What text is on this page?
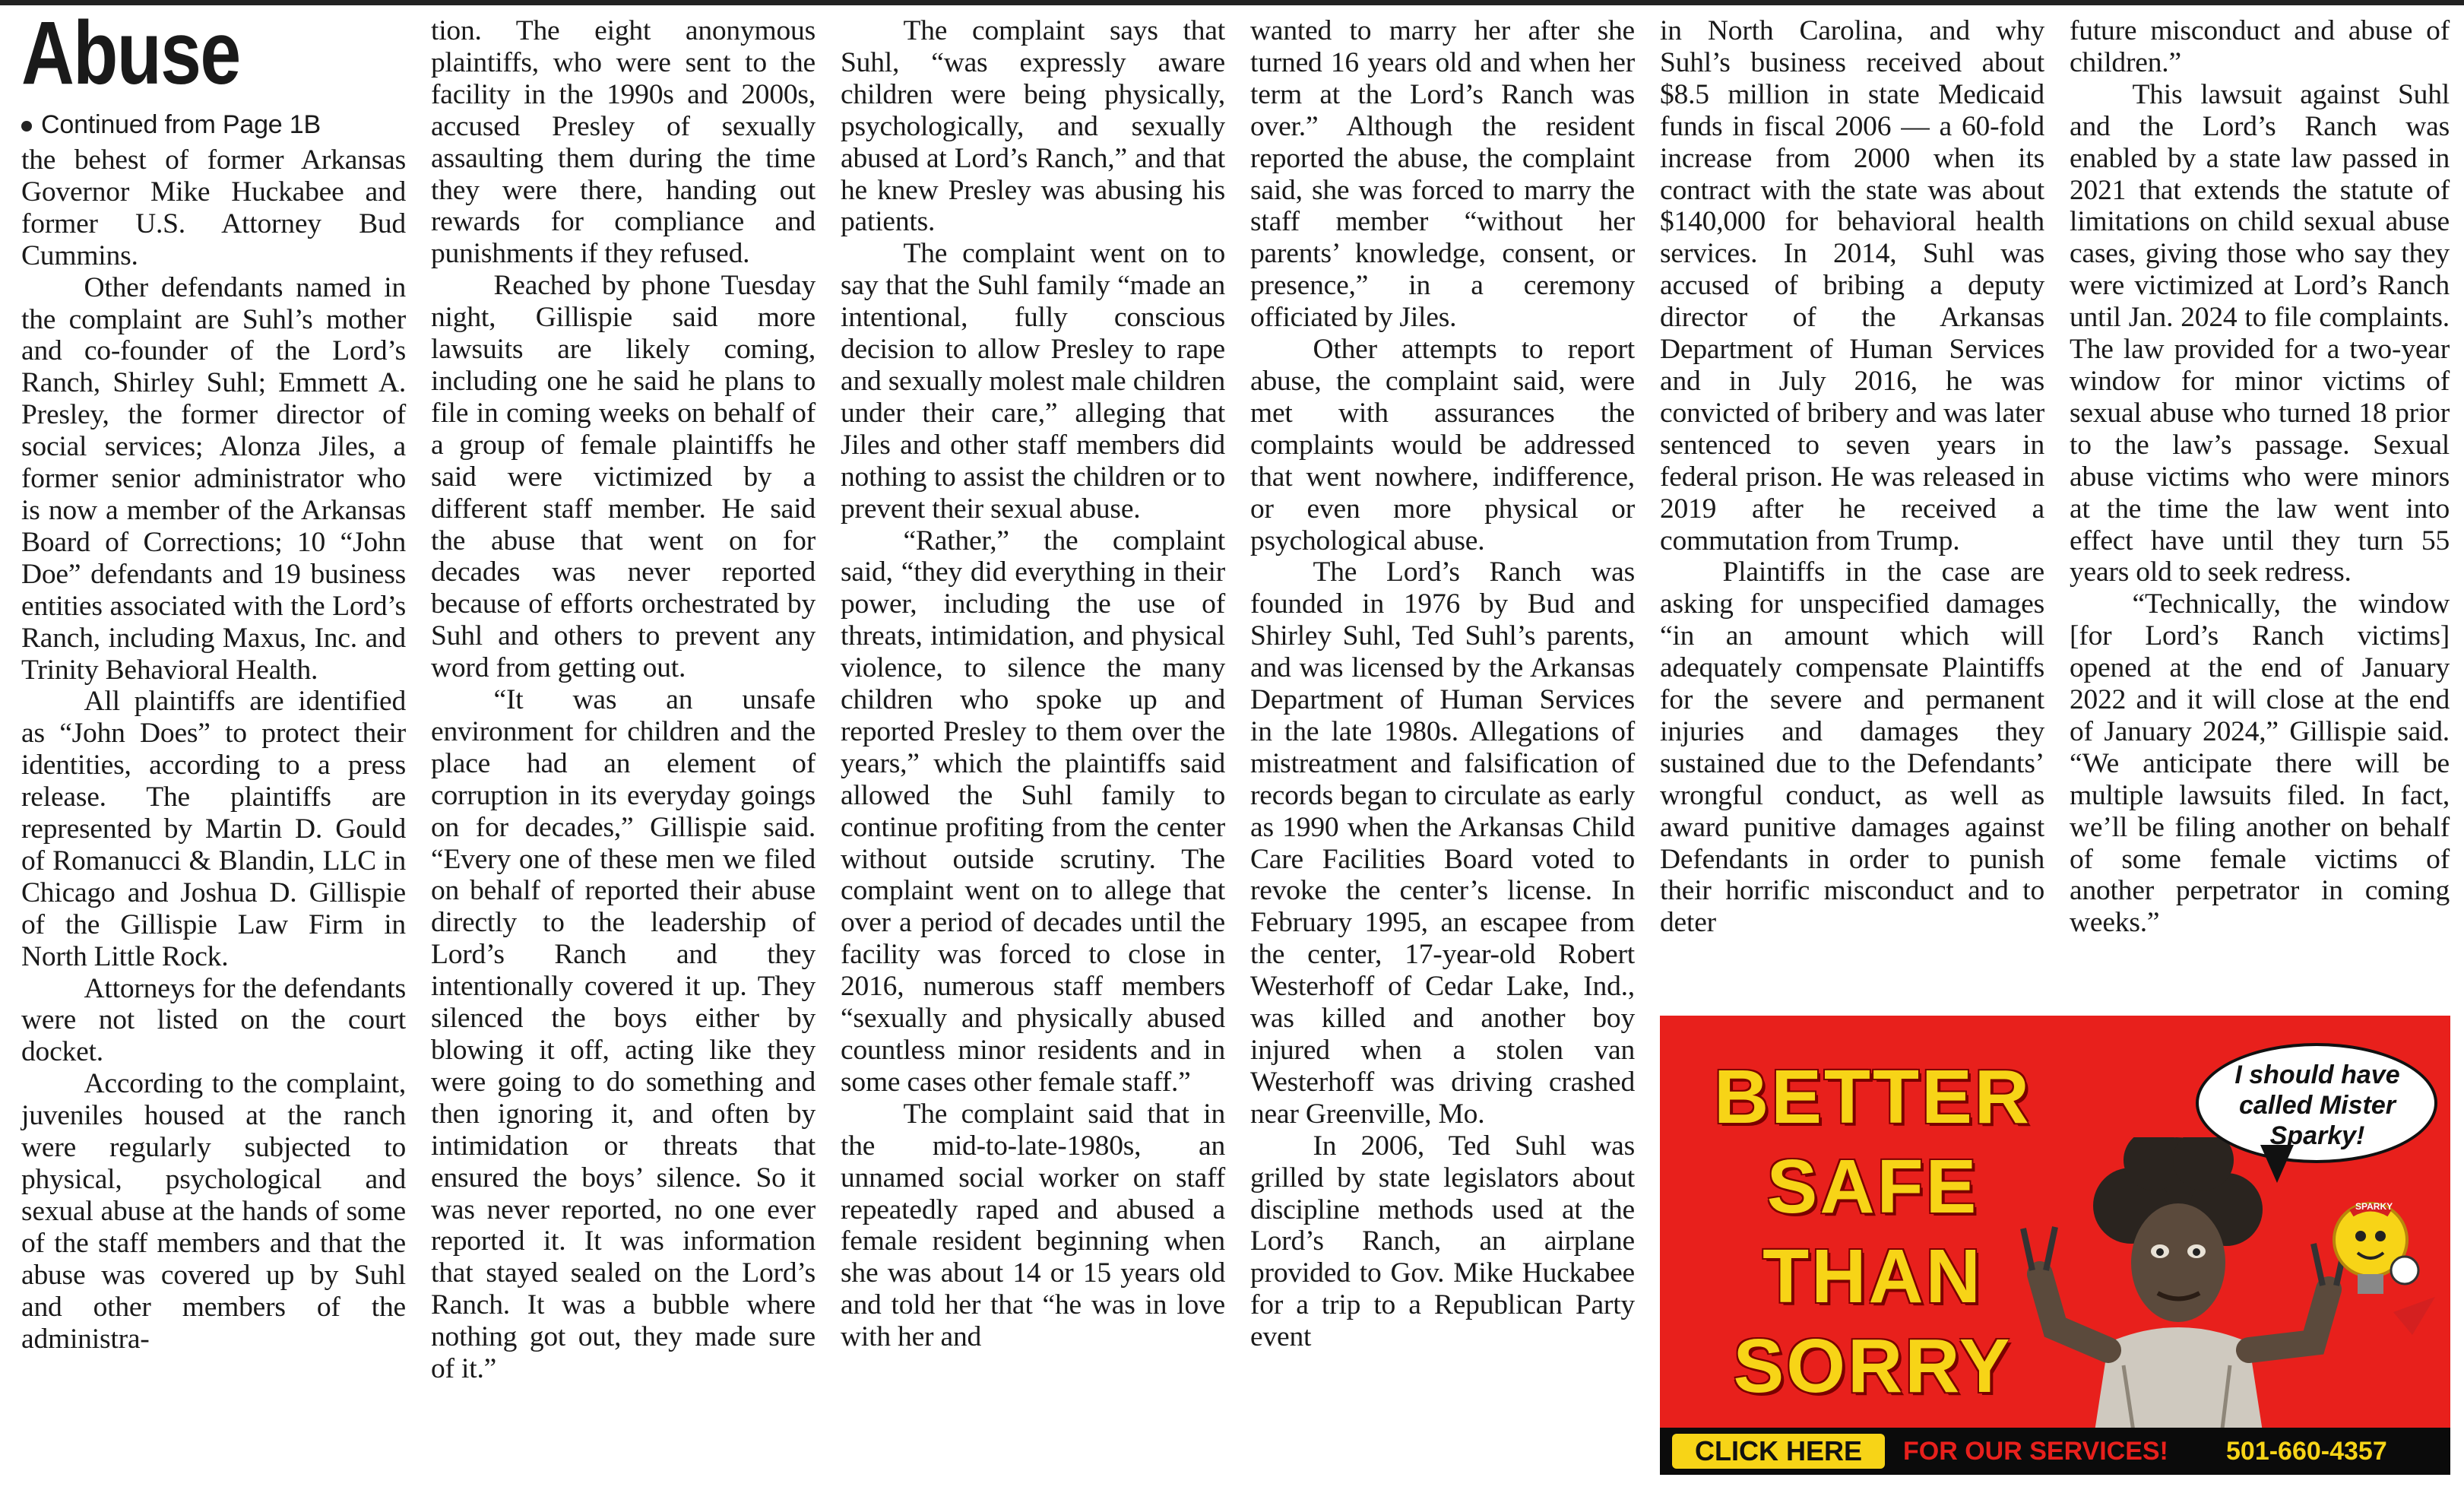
Abuse
Continued from Page 1B

the behest of former Arkansas Governor Mike Huckabee and former U.S. Attorney Bud Cummins.

Other defendants named in the complaint are Suhl’s mother and co-founder of the Lord’s Ranch, Shirley Suhl; Emmett A. Presley, the former director of social services; Alonza Jiles, a former senior administrator who is now a member of the Arkansas Board of Corrections; 10 “John Doe” defendants and 19 business entities associated with the Lord’s Ranch, including Maxus, Inc. and Trinity Behavioral Health.

All plaintiffs are identified as “John Does” to protect their identities, according to a press release. The plaintiffs are represented by Martin D. Gould of Romanucci & Blandin, LLC in Chicago and Joshua D. Gillispie of the Gillispie Law Firm in North Little Rock.

Attorneys for the defendants were not listed on the court docket.

According to the complaint, juveniles housed at the ranch were regularly subjected to physical, psychological and sexual abuse at the hands of some of the staff members and that the abuse was covered up by Suhl and other members of the administra-

tion. The eight anonymous plaintiffs, who were sent to the facility in the 1990s and 2000s, accused Presley of sexually assaulting them during the time they were there, handing out rewards for compliance and punishments if they refused.

Reached by phone Tuesday night, Gillispie said more lawsuits are likely coming, including one he said he plans to file in coming weeks on behalf of a group of female plaintiffs he said were victimized by a different staff member. He said the abuse that went on for decades was never reported because of efforts orchestrated by Suhl and others to prevent any word from getting out.

“It was an unsafe environment for children and the place had an element of corruption in its everyday goings on for decades,” Gillispie said. “Every one of these men we filed on behalf of reported their abuse directly to the leadership of Lord’s Ranch and they intentionally covered it up. They silenced the boys either by blowing it off, acting like they were going to do something and then ignoring it, and often by intimidation or threats that ensured the boys’ silence. So it was never reported, no one ever reported it. It was information that stayed sealed on the Lord’s Ranch. It was a bubble where nothing got out, they made sure of it.”

The complaint says that Suhl, “was expressly aware children were being physically, psychologically, and sexually abused at Lord’s Ranch,” and that he knew Presley was abusing his patients.

The complaint went on to say that the Suhl family “made an intentional, fully conscious decision to allow Presley to rape and sexually molest male children under their care,” alleging that Jiles and other staff members did nothing to assist the children or to prevent their sexual abuse.

“Rather,” the complaint said, “they did everything in their power, including the use of threats, intimidation, and physical violence, to silence the many children who spoke up and reported Presley to them over the years,” which the plaintiffs said allowed the Suhl family to continue profiting from the center without outside scrutiny. The complaint went on to allege that over a period of decades until the facility was forced to close in 2016, numerous staff members “sexually and physically abused countless minor residents and in some cases other female staff.”

The complaint said that in the mid-to-late-1980s, an unnamed social worker on staff repeatedly raped and abused a female resident beginning when she was about 14 or 15 years old and told her that “he was in love with her and

wanted to marry her after she turned 16 years old and when her term at the Lord’s Ranch was over.” Although the resident reported the abuse, the complaint said, she was forced to marry the staff member “without her parents’ knowledge, consent, or presence,” in a ceremony officiated by Jiles.

Other attempts to report abuse, the complaint said, were met with assurances the complaints would be addressed that went nowhere, indifference, or even more physical or psychological abuse.

The Lord’s Ranch was founded in 1976 by Bud and Shirley Suhl, Ted Suhl’s parents, and was licensed by the Arkansas Department of Human Services in the late 1980s. Allegations of mistreatment and falsification of records began to circulate as early as 1990 when the Arkansas Child Care Facilities Board voted to revoke the center’s license. In February 1995, an escapee from the center, 17-year-old Robert Westerhoff of Cedar Lake, Ind., was killed and another boy injured when a stolen van Westerhoff was driving crashed near Greenville, Mo.

In 2006, Ted Suhl was grilled by state legislators about discipline methods used at the Lord’s Ranch, an airplane provided to Gov. Mike Huckabee for a trip to a Republican Party event

in North Carolina, and why Suhl’s business received about $8.5 million in state Medicaid funds in fiscal 2006 — a 60-fold increase from 2000 when its contract with the state was about $140,000 for behavioral health services. In 2014, Suhl was accused of bribing a deputy director of the Arkansas Department of Human Services and in July 2016, he was convicted of bribery and was later sentenced to seven years in federal prison. He was released in 2019 after he received a commutation from Trump.

Plaintiffs in the case are asking for unspecified damages “in an amount which will adequately compensate Plaintiffs for the severe and permanent injuries and damages they sustained due to the Defendants’ wrongful conduct, as well as award punitive damages against Defendants in order to punish their horrific misconduct and to deter

future misconduct and abuse of children.”

This lawsuit against Suhl and the Lord’s Ranch was enabled by a state law passed in 2021 that extends the statute of limitations on child sexual abuse cases, giving those who say they were victimized at Lord’s Ranch until Jan. 2024 to file complaints. The law provided for a two-year window for minor victims of sexual abuse who turned 18 prior to the law’s passage. Sexual abuse victims who were minors at the time the law went into effect have until they turn 55 years old to seek redress.

“Technically, the window [for Lord’s Ranch victims] opened at the end of January 2022 and it will close at the end of January 2024,” Gillispie said. “We anticipate there will be multiple lawsuits filed. In fact, we’ll be filing another on behalf of some female victims of another perpetrator in coming weeks.”

BETTER
SAFE
THAN
SORRY
SPARKY
I should have called Mister Sparky!
CLICK HERE	FOR OUR SERVICES! 501-660-4357
